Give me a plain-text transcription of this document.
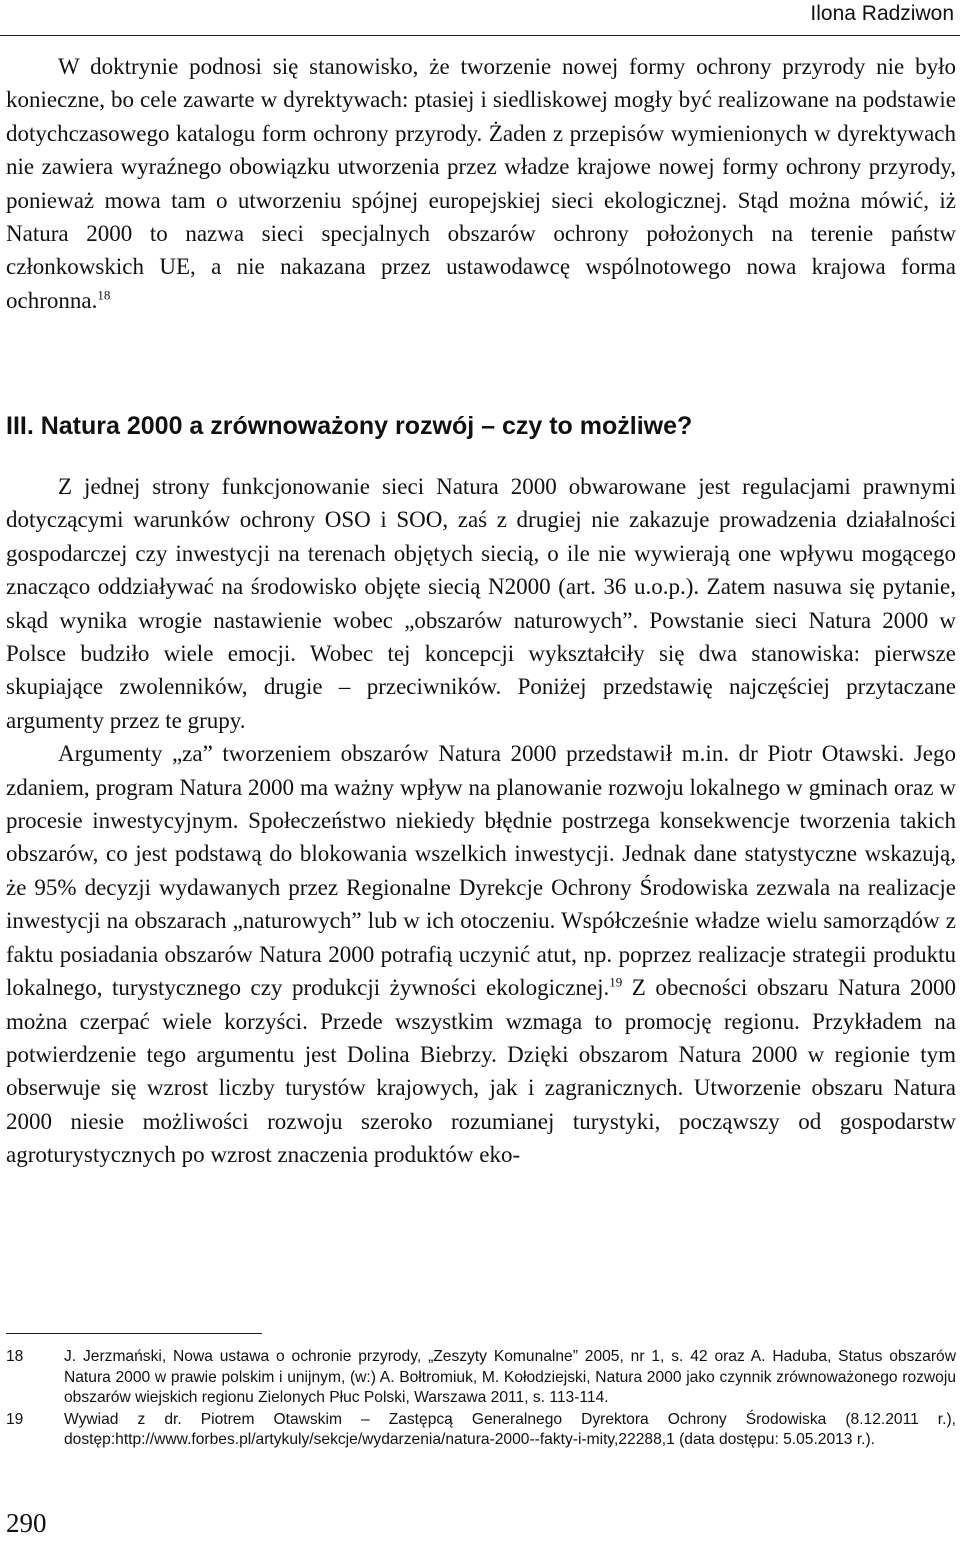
Ilona Radziwon

W doktrynie podnosi się stanowisko, że tworzenie nowej formy ochrony przyrody nie było konieczne, bo cele zawarte w dyrektywach: ptasiej i siedliskowej mogły być realizowane na podstawie dotychczasowego katalogu form ochrony przyrody. Żaden z przepisów wymienionych w dyrektywach nie zawiera wyraźnego obowiązku utworzenia przez władze krajowe nowej formy ochrony przyrody, ponieważ mowa tam o utworzeniu spójnej europejskiej sieci ekologicznej. Stąd można mówić, iż Natura 2000 to nazwa sieci specjalnych obszarów ochrony położonych na terenie państw członkowskich UE, a nie nakazana przez ustawodawcę wspólnotowego nowa krajowa forma ochronna.$^{18}$

III. Natura 2000 a zrównoważony rozwój – czy to możliwe?

Z jednej strony funkcjonowanie sieci Natura 2000 obwarowane jest regulacjami prawnymi dotyczącymi warunków ochrony OSO i SOO, zaś z drugiej nie zakazuje prowadzenia działalności gospodarczej czy inwestycji na terenach objętych siecią, o ile nie wywierają one wpływu mogącego znacząco oddziaływać na środowisko objęte siecią N2000 (art. 36 u.o.p.). Zatem nasuwa się pytanie, skąd wynika wrogie nastawienie wobec „obszarów naturowych”. Powstanie sieci Natura 2000 w Polsce budziło wiele emocji. Wobec tej koncepcji wykształciły się dwa stanowiska: pierwsze skupiające zwolenników, drugie – przeciwników. Poniżej przedstawię najczęściej przytaczane argumenty przez te grupy.

Argumenty „za” tworzeniem obszarów Natura 2000 przedstawił m.in. dr Piotr Otawski. Jego zdaniem, program Natura 2000 ma ważny wpływ na planowanie rozwoju lokalnego w gminach oraz w procesie inwestycyjnym. Społeczeństwo niekiedy błędnie postrzega konsekwencje tworzenia takich obszarów, co jest podstawą do blokowania wszelkich inwestycji. Jednak dane statystyczne wskazują, że 95% decyzji wydawanych przez Regionalne Dyrekcje Ochrony Środowiska zezwala na realizacje inwestycji na obszarach „naturowych” lub w ich otoczeniu. Współcześnie władze wielu samorządów z faktu posiadania obszarów Natura 2000 potrafią uczynić atut, np. poprzez realizacje strategii produktu lokalnego, turystycznego czy produkcji żywności ekologicznej.$^{19}$ Z obecności obszaru Natura 2000 można czerpać wiele korzyści. Przede wszystkim wzmaga to promocję regionu. Przykładem na potwierdzenie tego argumentu jest Dolina Biebrzy. Dzięki obszarom Natura 2000 w regionie tym obserwuje się wzrost liczby turystów krajowych, jak i zagranicznych. Utworzenie obszaru Natura 2000 niesie możliwości rozwoju szeroko rozumianej turystyki, począwszy od gospodarstw agroturystycznych po wzrost znaczenia produktów eko-

18	J. Jerzmański, Nowa ustawa o ochronie przyrody, „Zeszyty Komunalne” 2005, nr 1, s. 42 oraz A. Haduba, Status obszarów Natura 2000 w prawie polskim i unijnym, (w:) A. Bołtromiuk, M. Kołodziejski, Natura 2000 jako czynnik zrównoważonego rozwoju obszarów wiejskich regionu Zielonych Płuc Polski, Warszawa 2011, s. 113-114.
19	Wywiad z dr. Piotrem Otawskim – Zastępcą Generalnego Dyrektora Ochrony Środowiska (8.12.2011 r.), dostęp:http://www.forbes.pl/artykuly/sekcje/wydarzenia/natura-2000--fakty-i-mity,22288,1 (data dostępu: 5.05.2013 r.).
290
